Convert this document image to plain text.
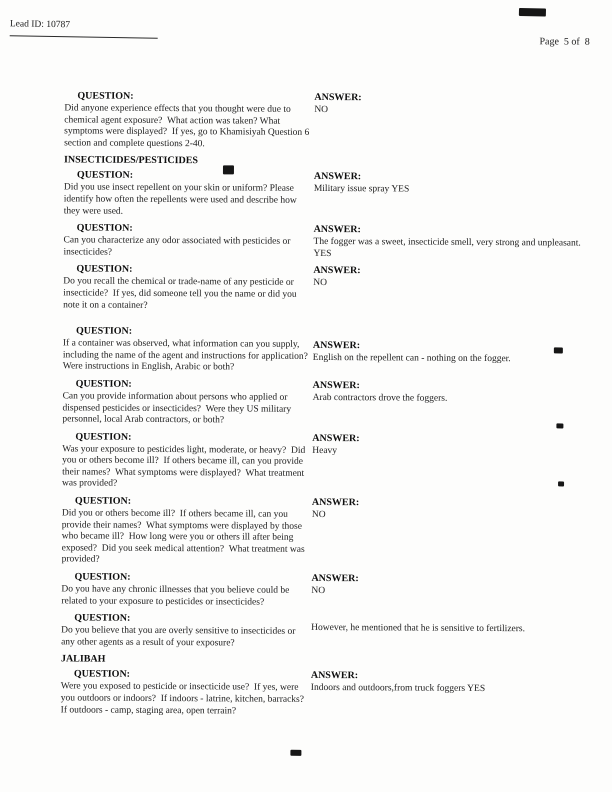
Lead ID: 10787
Page  5 of  8
QUESTION:
Did anyone experience effects that you thought were due to chemical agent exposure?  What action was taken? What symptoms were displayed?  If yes, go to Khamisiyah Question 6 section and complete questions 2-40.
ANSWER:
NO
INSECTICIDES/PESTICIDES
QUESTION:
Did you use insect repellent on your skin or uniform? Please identify how often the repellents were used and describe how they were used.
ANSWER:
Military issue spray YES
QUESTION:
Can you characterize any odor associated with pesticides or insecticides?
ANSWER:
The fogger was a sweet, insecticide smell, very strong and unpleasant. YES
QUESTION:
Do you recall the chemical or trade-name of any pesticide or insecticide?  If yes, did someone tell you the name or did you note it on a container?
ANSWER:
NO
QUESTION:
If a container was observed, what information can you supply, including the name of the agent and instructions for application?  Were instructions in English, Arabic or both?
ANSWER:
English on the repellent can - nothing on the fogger.
QUESTION:
Can you provide information about persons who applied or dispensed pesticides or insecticides?  Were they US military personnel, local Arab contractors, or both?
ANSWER:
Arab contractors drove the foggers.
QUESTION:
Was your exposure to pesticides light, moderate, or heavy?  Did you or others become ill?  If others became ill, can you provide their names?  What symptoms were displayed?  What treatment was provided?
ANSWER:
Heavy
QUESTION:
Did you or others become ill?  If others became ill, can you provide their names?  What symptoms were displayed by those who became ill?  How long were you or others ill after being exposed?  Did you seek medical attention?  What treatment was provided?
ANSWER:
NO
QUESTION:
Do you have any chronic illnesses that you believe could be related to your exposure to pesticides or insecticides?
ANSWER:
NO
QUESTION:
Do you believe that you are overly sensitive to insecticides or any other agents as a result of your exposure?
However, he mentioned that he is sensitive to fertilizers.
JALIBAH
QUESTION:
Were you exposed to pesticide or insecticide use?  If yes, were you outdoors or indoors?  If indoors - latrine, kitchen, barracks?  If outdoors - camp, staging area, open terrain?
ANSWER:
Indoors and outdoors,from truck foggers YES
